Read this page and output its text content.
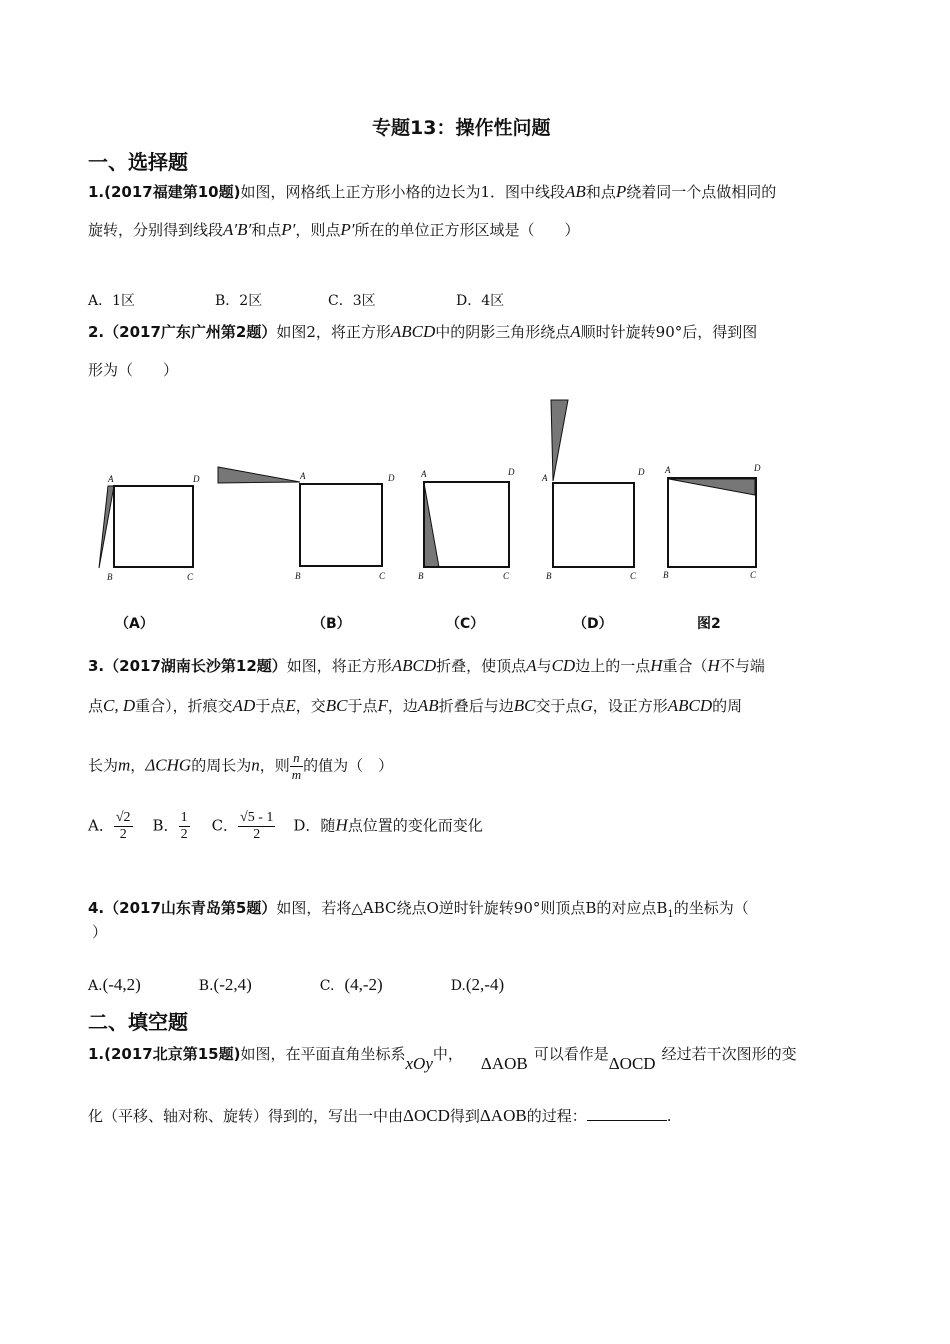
专题13：操作性问题
一、选择题
1.(2017福建第10题)如图，网格纸上正方形小格的边长为1．图中线段AB和点P绕着同一个点做相同的
旋转，分别得到线段A′B′和点P′，则点P′所在的单位正方形区域是（　　）
A．1区	B．2区	C．3区	D．4区
2.（2017广东广州第2题）如图2，将正方形ABCD中的阴影三角形绕点A顺时针旋转90°后，得到图
形为（　　）
A	D
B	C
A	D
B	C
A	D
B	C
A
D
B	C
A	D
B	C
（A）	（B）	（C）	（D）	图2
3.（2017湖南长沙第12题）如图，将正方形ABCD折叠，使顶点A与CD边上的一点H重合（H不与端
点C, D重合），折痕交AD于点E，交BC于点F，边AB折叠后与边BC交于点G，设正方形ABCD的周
长为m，ΔCHG的周长为n，则 $\frac{n}{m}$ 的值为（　）
A． $\frac{√2}{2}$ B． $\frac{1}{2}$ C． $\frac{√5 - 1}{2}$ D．随H点位置的变化而变化
4.（2017山东青岛第5题）如图，若将△ABC绕点O逆时针旋转90°则顶点B的对应点$B_1$的坐标为（
）
A.(-4,2)	B.(-2,4)	C. (4,-2)	D.(2,-4)
二、填空题
1.(2017北京第15题)如图，在平面直角坐标系xOy中， ΔAOB 可以看作是ΔOCD 经过若干次图形的变
化（平移、轴对称、旋转）得到的，写出一中由ΔOCD得到ΔAOB的过程：	.
